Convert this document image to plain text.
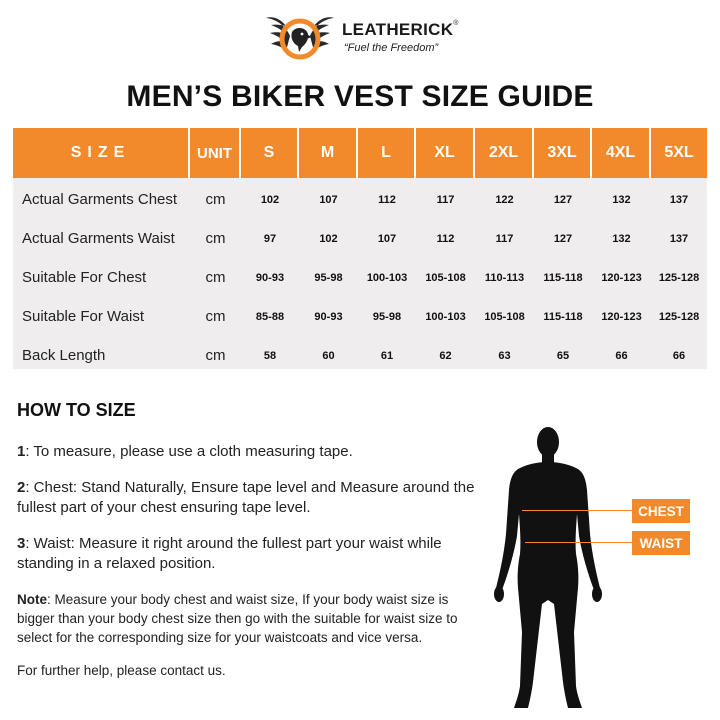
LEATHERICK®
“Fuel the Freedom”
MEN’S BIKER VEST SIZE GUIDE
SIZE	UNIT	S	M	L	XL	2XL	3XL	4XL	5XL
Actual Garments Chest	cm	102	107	112	117	122	127	132	137
Actual Garments Waist	cm	97	102	107	112	117	127	132	137
Suitable For Chest	cm	90-93	95-98	100-103	105-108	110-113	115-118	120-123	125-128
Suitable For Waist	cm	85-88	90-93	95-98	100-103	105-108	115-118	120-123	125-128
Back Length	cm	58	60	61	62	63	65	66	66
HOW TO SIZE

1: To measure, please use a cloth measuring tape.

2: Chest: Stand Naturally, Ensure tape level and Measure around the fullest part of your chest ensuring tape level.

3: Waist: Measure it right around the fullest part your waist while standing in a relaxed position.

Note: Measure your body chest and waist size, If your body waist size is bigger than your body chest size then go with the suitable for waist size to select for the corresponding size for your waistcoats and vice versa.

For further help, please contact us.

CHEST
WAIST
